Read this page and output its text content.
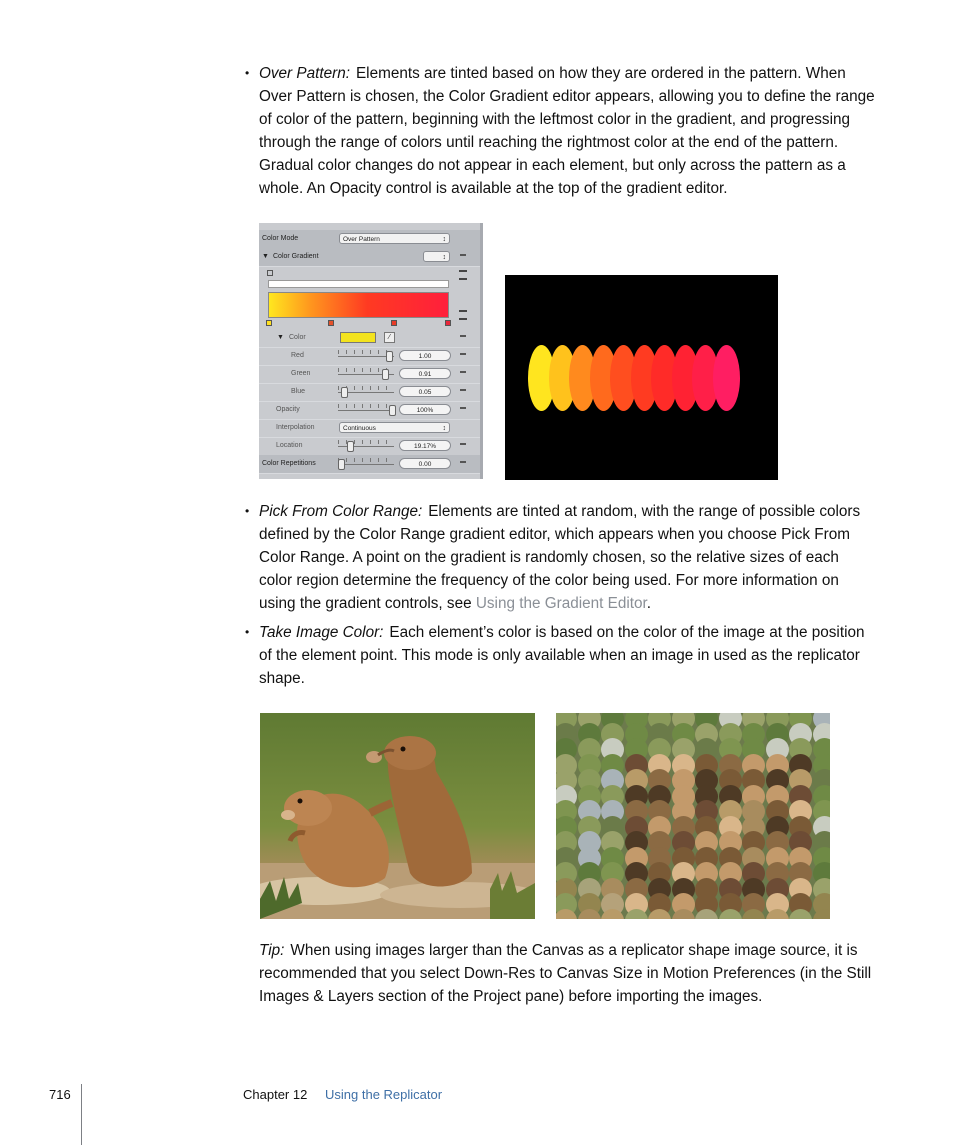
• Over Pattern: Elements are tinted based on how they are ordered in the pattern. When Over Pattern is chosen, the Color Gradient editor appears, allowing you to define the range of color of the pattern, beginning with the leftmost color in the gradient, and progressing through the range of colors until reaching the rightmost color at the end of the pattern. Gradual color changes do not appear in each element, but only across the pattern as a whole. An Opacity control is available at the top of the gradient editor.

Color Mode	Over Pattern ↕
▼ Color Gradient
↕
▼ Color	⁄
Red	1.00
Green	0.91
Blue	0.05
Opacity	100%
Interpolation	Continuous ↕
Location	19.17%
Color Repetitions	0.00

• Pick From Color Range: Elements are tinted at random, with the range of possible colors defined by the Color Range gradient editor, which appears when you choose Pick From Color Range. A point on the gradient is randomly chosen, so the relative sizes of each color region determine the frequency of the color being used. For more information on using the gradient controls, see Using the Gradient Editor.

• Take Image Color: Each element’s color is based on the color of the image at the position of the element point. This mode is only available when an image in used as the replicator shape.

Tip: When using images larger than the Canvas as a replicator shape image source, it is recommended that you select Down-Res to Canvas Size in Motion Preferences (in the Still Images & Layers section of the Project pane) before importing the images.

716	Chapter 12 Using the Replicator
